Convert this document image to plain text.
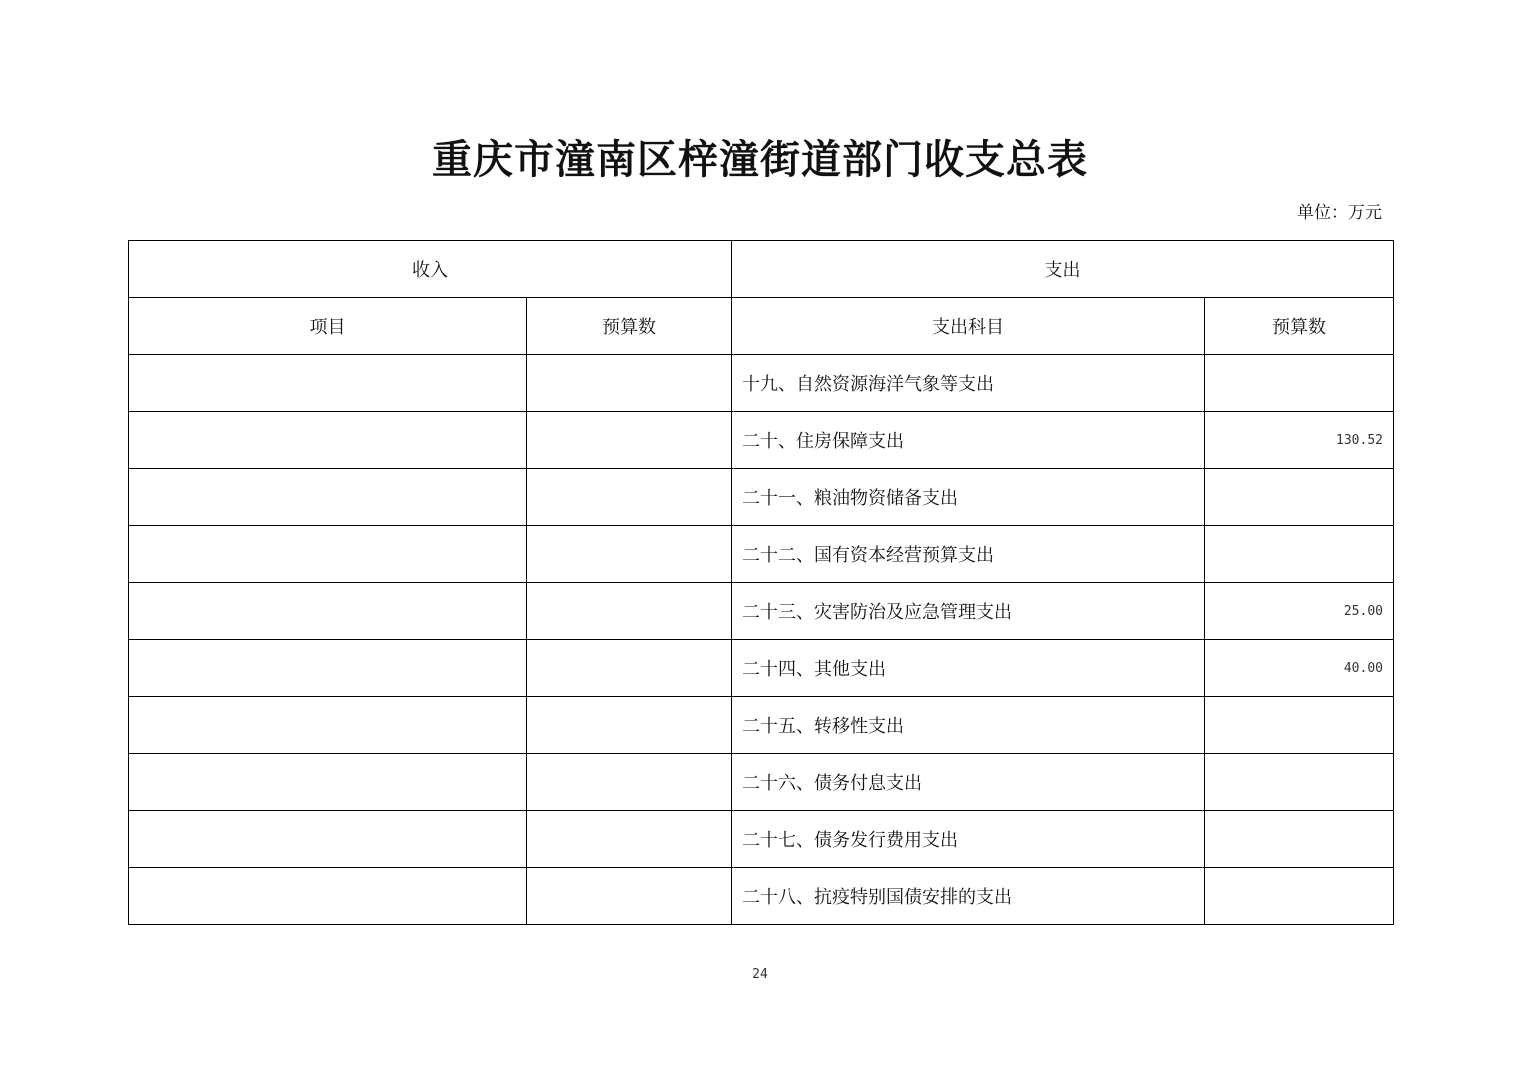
重庆市潼南区梓潼街道部门收支总表
单位：万元
收入		支出	
项目	预算数	支出科目	预算数
		十九、自然资源海洋气象等支出	
		二十、住房保障支出	130.52
		二十一、粮油物资储备支出	
		二十二、国有资本经营预算支出	
		二十三、灾害防治及应急管理支出	25.00
		二十四、其他支出	40.00
		二十五、转移性支出	
		二十六、债务付息支出	
		二十七、债务发行费用支出	
		二十八、抗疫特别国债安排的支出	
24
